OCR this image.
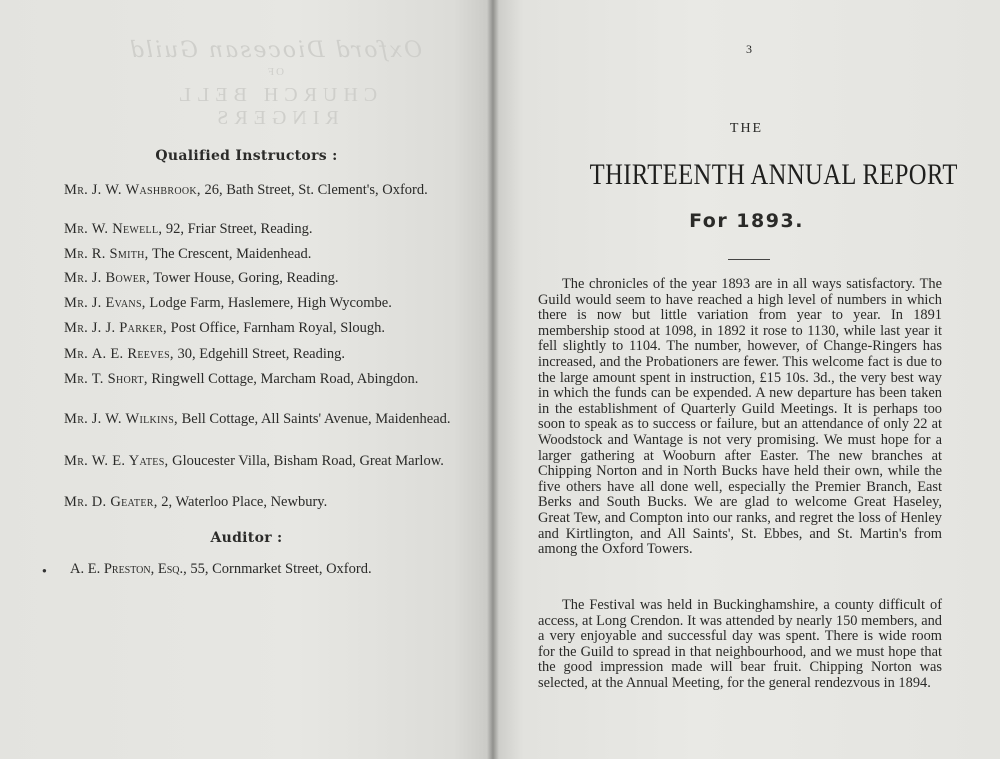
Oxford Diocesan Guild
OF
CHURCH BELL RINGERS
Qualified Instructors :
Mr. J. W. Washbrook, 26, Bath Street, St. Clement's, Oxford.
Mr. W. Newell, 92, Friar Street, Reading.
Mr. R. Smith, The Crescent, Maidenhead.
Mr. J. Bower, Tower House, Goring, Reading.
Mr. J. Evans, Lodge Farm, Haslemere, High Wycombe.
Mr. J. J. Parker, Post Office, Farnham Royal, Slough.
Mr. A. E. Reeves, 30, Edgehill Street, Reading.
Mr. T. Short, Ringwell Cottage, Marcham Road, Abingdon.
Mr. J. W. Wilkins, Bell Cottage, All Saints' Avenue, Maidenhead.
Mr. W. E. Yates, Gloucester Villa, Bisham Road, Great Marlow.
Mr. D. Geater, 2, Waterloo Place, Newbury.
Auditor :
● A. E. Preston, Esq., 55, Cornmarket Street, Oxford.
3
THE
THIRTEENTH ANNUAL REPORT
For 1893.
The chronicles of the year 1893 are in all ways satisfactory. The Guild would seem to have reached a high level of numbers in which there is now but little variation from year to year. In 1891 membership stood at 1098, in 1892 it rose to 1130, while last year it fell slightly to 1104. The number, however, of Change-Ringers has increased, and the Probationers are fewer. This welcome fact is due to the large amount spent in instruction, £15 10s. 3d., the very best way in which the funds can be expended. A new departure has been taken in the establishment of Quarterly Guild Meetings. It is perhaps too soon to speak as to success or failure, but an attendance of only 22 at Woodstock and Wantage is not very promising. We must hope for a larger gathering at Wooburn after Easter. The new branches at Chipping Norton and in North Bucks have held their own, while the five others have all done well, especially the Premier Branch, East Berks and South Bucks. We are glad to welcome Great Haseley, Great Tew, and Compton into our ranks, and regret the loss of Henley and Kirtlington, and All Saints', St. Ebbes, and St. Martin's from among the Oxford Towers.
The Festival was held in Buckinghamshire, a county difficult of access, at Long Crendon. It was attended by nearly 150 members, and a very enjoyable and successful day was spent. There is wide room for the Guild to spread in that neighbourhood, and we must hope that the good impression made will bear fruit. Chipping Norton was selected, at the Annual Meeting, for the general rendezvous in 1894.
